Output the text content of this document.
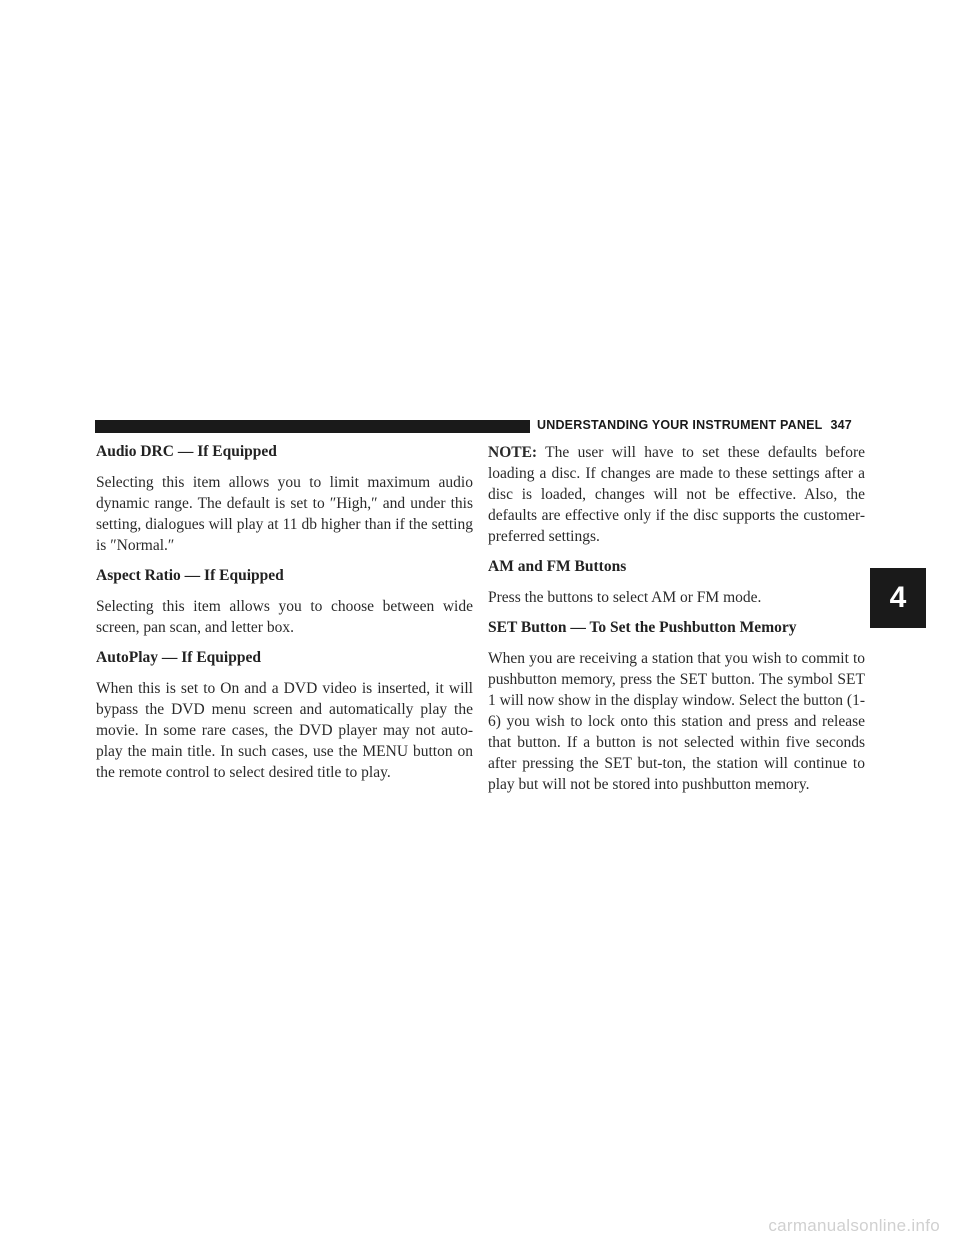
UNDERSTANDING YOUR INSTRUMENT PANEL 347
Audio DRC — If Equipped

Selecting this item allows you to limit maximum audio dynamic range. The default is set to ″High,″ and under this setting, dialogues will play at 11 db higher than if the setting is ″Normal.″

Aspect Ratio — If Equipped

Selecting this item allows you to choose between wide screen, pan scan, and letter box.

AutoPlay — If Equipped

When this is set to On and a DVD video is inserted, it will bypass the DVD menu screen and automatically play the movie. In some rare cases, the DVD player may not auto-play the main title. In such cases, use the MENU button on the remote control to select desired title to play.

NOTE: The user will have to set these defaults before loading a disc. If changes are made to these settings after a disc is loaded, changes will not be effective. Also, the defaults are effective only if the disc supports the customer-preferred settings.

AM and FM Buttons

Press the buttons to select AM or FM mode.

SET Button — To Set the Pushbutton Memory

When you are receiving a station that you wish to commit to pushbutton memory, press the SET button. The symbol SET 1 will now show in the display window. Select the button (1-6) you wish to lock onto this station and press and release that button. If a button is not selected within five seconds after pressing the SET but-ton, the station will continue to play but will not be stored into pushbutton memory.

4
carmanualsonline.info
